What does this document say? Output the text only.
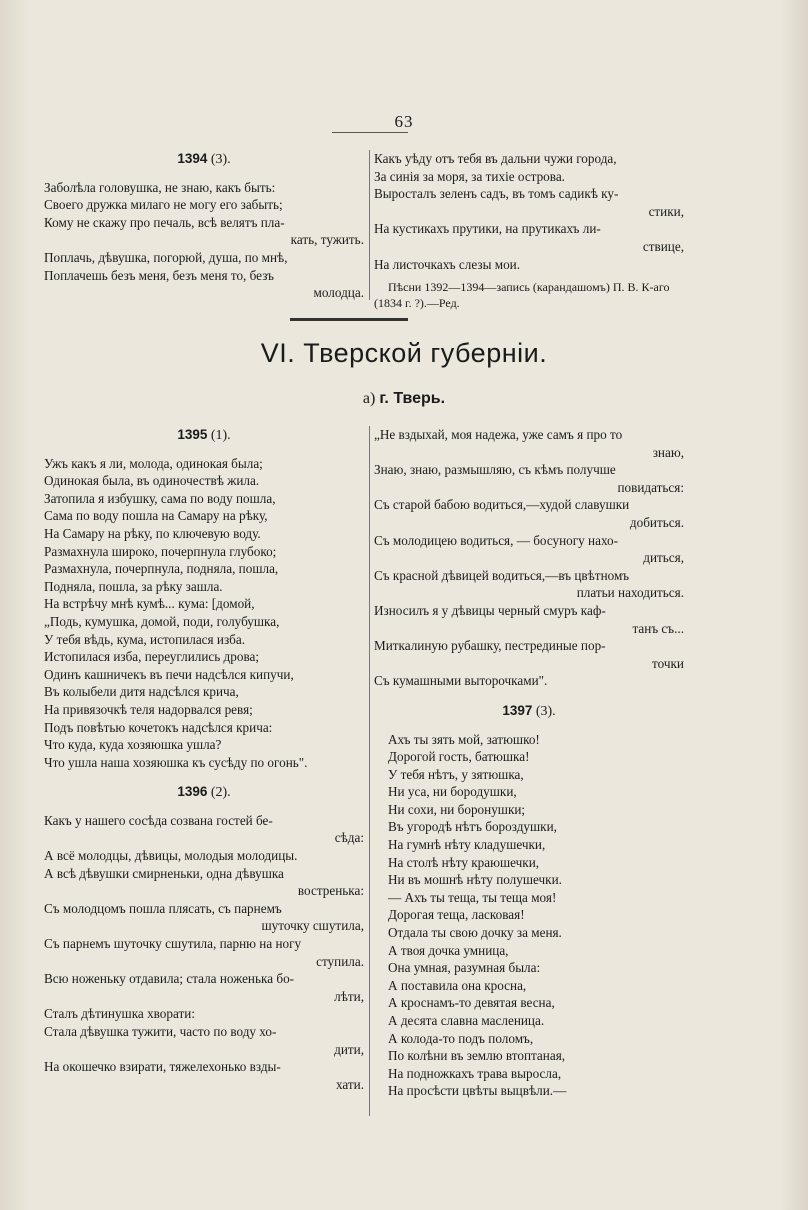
63
1394 (3).
Заболѣла головушка, не знаю, какъ быть:
Своего дружка милаго не могу его забыть;
Кому не скажу про печаль, всѣ велятъ пла-
кать, тужить.
Поплачь, дѣвушка, погорюй, душа, по мнѣ,
Поплачешь безъ меня, безъ меня то, безъ
молодца.
Какъ уѣду отъ тебя въ дальни чужи города,
За синія за моря, за тихіе острова.
Выросталъ зеленъ садъ, въ томъ садикѣ ку-
стики,
На кустикахъ прутики, на прутикахъ ли-
ствице,
На листочкахъ слезы мои.
Пѣсни 1392—1394—запись (карандашомъ) П. В. К-аго (1834 г. ?).—Ред.
VI. Тверской губерніи.
а) г. Тверь.
1395 (1).
Ужъ какъ я ли, молода, одинокая была;
Одинокая была, въ одиночествѣ жила.
Затопила я избушку, сама по воду пошла,
Сама по воду пошла на Самару на рѣку,
На Самару на рѣку, по ключевую воду.
Размахнула широко, почерпнула глубоко;
Размахнула, почерпнула, подняла, пошла,
Подняла, пошла, за рѣку зашла.
На встрѣчу мнѣ кумѣ... кума: [домой,
„Подь, кумушка, домой, поди, голубушка,
У тебя вѣдь, кума, истопилася изба.
Истопилася изба, переуглились дрова;
Одинъ кашничекъ въ печи надсѣлся кипучи,
Въ колыбели дитя надсѣлся крича,
На привязочкѣ теля надорвался ревя;
Подъ повѣтью кочетокъ надсѣлся крича:
Что куда, куда хозяюшка ушла?
Что ушла наша хозяюшка къ сусѣду по огонь".
1396 (2).
Какъ у нашего сосѣда созвана гостей бе-
сѣда:
А всё молодцы, дѣвицы, молодыя молодицы.
А всѣ дѣвушки смирненьки, одна дѣвушка
востренька:
Съ молодцомъ пошла плясать, съ парнемъ
шуточку сшутила,
Съ парнемъ шуточку сшутила, парню на ногу
ступила.
Всю ноженьку отдавила; стала ноженька бо-
лѣти,
Сталъ дѣтинушка хворати:
Стала дѣвушка тужити, часто по воду хо-
дити,
На окошечко взирати, тяжелехонько взды-
хати.
„Не вздыхай, моя надежа, уже самъ я про то
знаю,
Знаю, знаю, размышляю, съ кѣмъ получше
повидаться:
Съ старой бабою водиться,—худой славушки
добиться.
Съ молодицею водиться, — босуногу нахо-
диться,
Съ красной дѣвицей водиться,—въ цвѣтномъ
платьи находиться.
Износилъ я у дѣвицы черный смуръ каф-
танъ съ...
Миткалиную рубашку, пестрединые пор-
точки
Съ кумашными выторочками".
1397 (3).
Ахъ ты зять мой, затюшко!
Дорогой гость, батюшка!
У тебя нѣтъ, у зятюшка,
Ни уса, ни бородушки,
Ни сохи, ни боронушки;
Въ угородѣ нѣтъ бороздушки,
На гумнѣ нѣту кладушечки,
На столѣ нѣту краюшечки,
Ни въ мошнѣ нѣту полушечки.
— Ахъ ты теща, ты теща моя!
Дорогая теща, ласковая!
Отдала ты свою дочку за меня.
А твоя дочка умница,
Она умная, разумная была:
А поставила она кросна,
А кроснамъ-то девятая весна,
А десята славна масленица.
А колода-то подъ поломъ,
По колѣни въ землю втоптаная,
На подножкахъ трава выросла,
На просѣсти цвѣты выцвѣли.—
